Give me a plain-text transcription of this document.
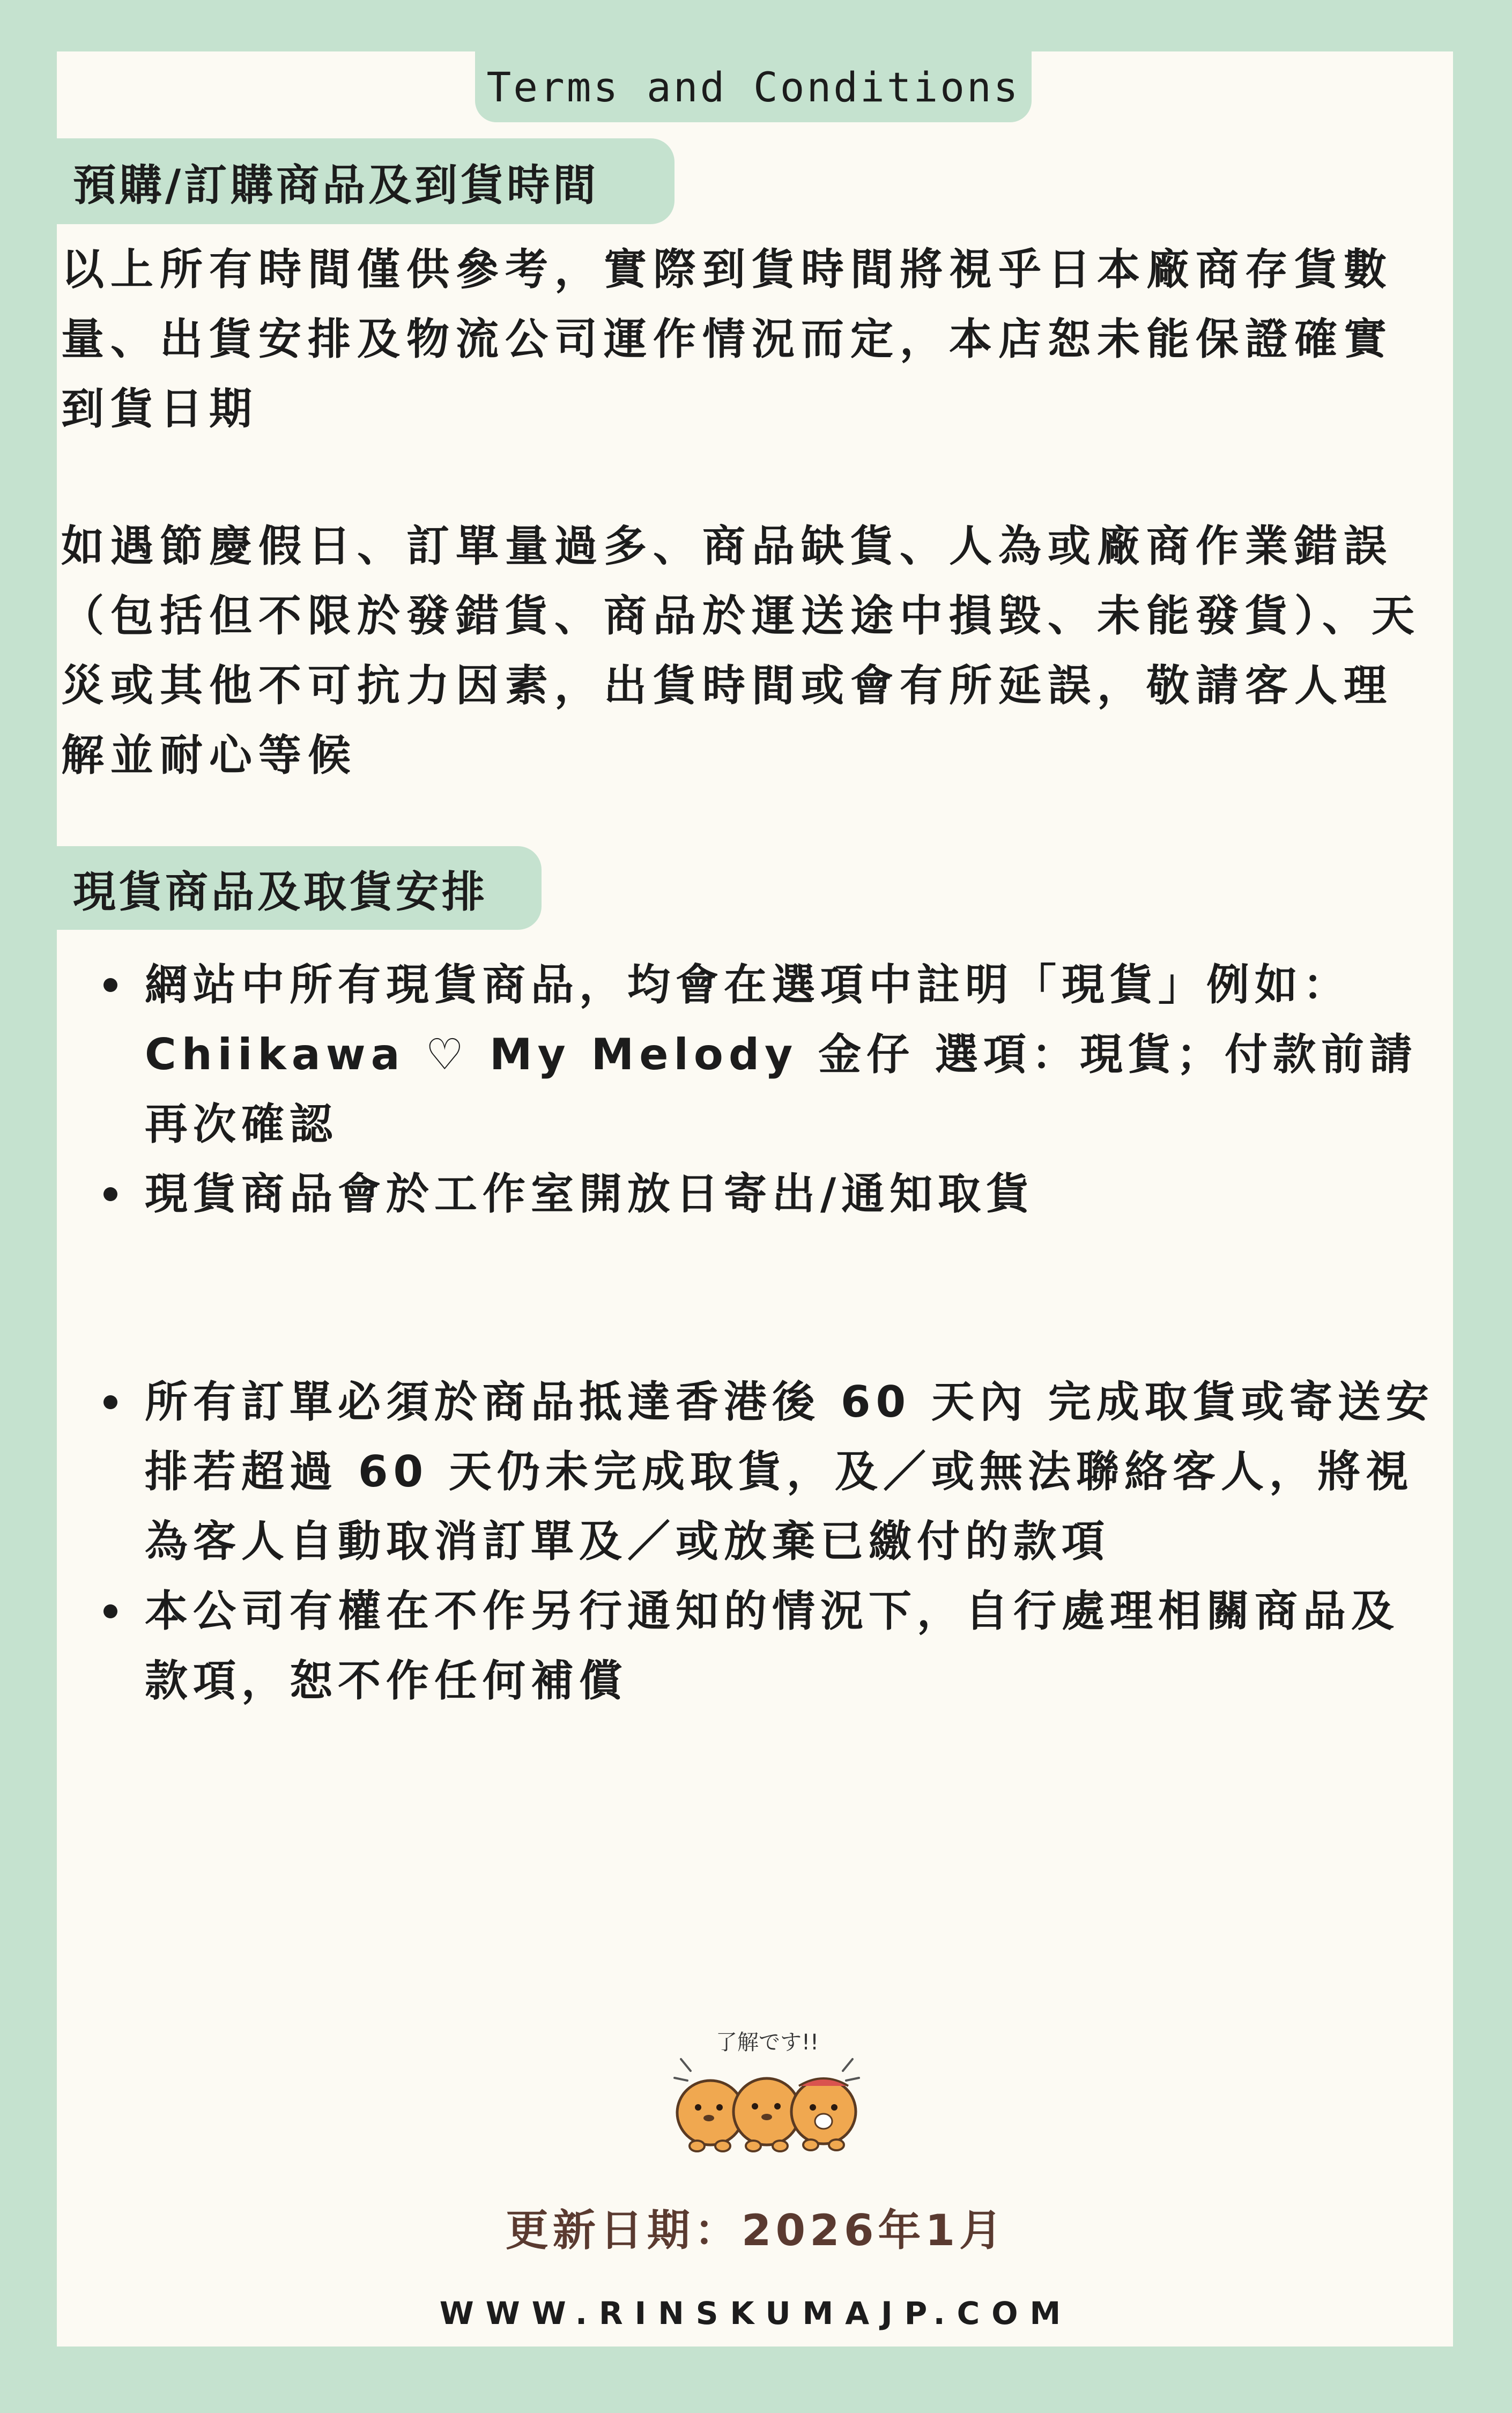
Terms and Conditions
預購/訂購商品及到貨時間

以上所有時間僅供參考，實際到貨時間將視乎日本廠商存貨數量、出貨安排及物流公司運作情況而定，本店恕未能保證確實到貨日期

如遇節慶假日、訂單量過多、商品缺貨、人為或廠商作業錯誤（包括但不限於發錯貨、商品於運送途中損毀、未能發貨）、天災或其他不可抗力因素，出貨時間或會有所延誤，敬請客人理解並耐心等候

現貨商品及取貨安排
網站中所有現貨商品，均會在選項中註明「現貨」例如：Chiikawa ♡ My Melody 金仔 選項：現貨；付款前請再次確認
現貨商品會於工作室開放日寄出/通知取貨
所有訂單必須於商品抵達香港後 60 天內 完成取貨或寄送安排若超過 60 天仍未完成取貨，及／或無法聯絡客人，將視為客人自動取消訂單及／或放棄已繳付的款項
本公司有權在不作另行通知的情況下，自行處理相關商品及款項，恕不作任何補償
了解です!!
更新日期：2026年1月
WWW.RINSKUMAJP.COM
